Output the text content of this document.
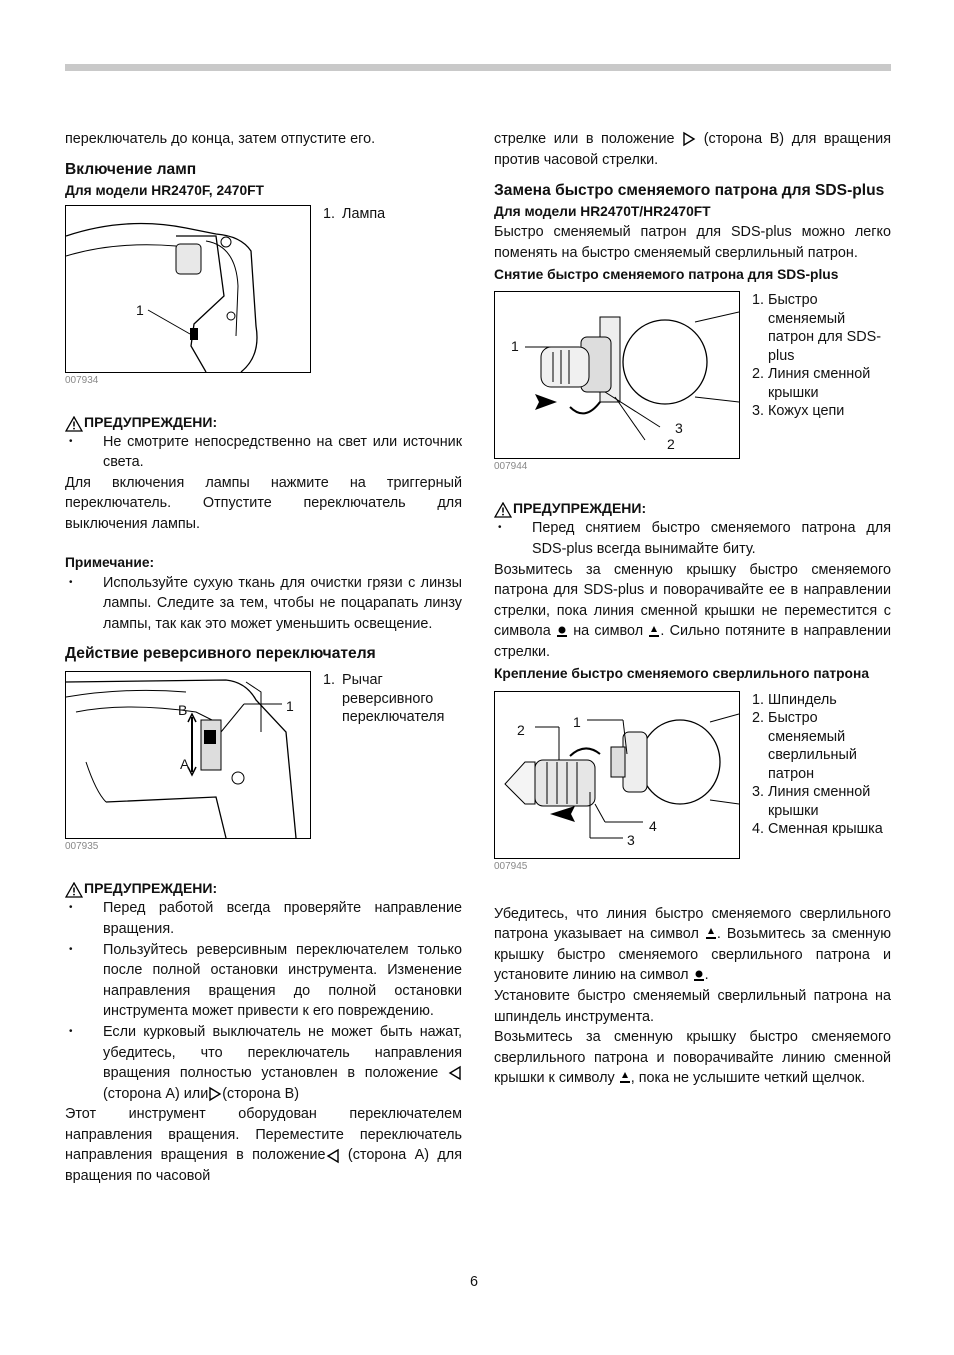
переключатель до конца, затем отпустите его.

Включение ламп
Для модели HR2470F, 2470FT
1
1. Лампа
007934
ПРЕДУПРЕЖДЕНИ:
• Не смотрите непосредственно на свет или источник света.

Для включения лампы нажмите на триггерный переключатель. Отпустите переключатель для выключения лампы.

Примечание:
• Используйте сухую ткань для очистки грязи с линзы лампы. Следите за тем, чтобы не поцарапать линзу лампы, так как это может уменьшить освещение.
Действие реверсивного переключателя
B
A
1
1. Рычаг реверсивного переключателя
007935
ПРЕДУПРЕЖДЕНИ:
• Перед работой всегда проверяйте направление вращения.
• Пользуйтесь реверсивным переключателем только после полной остановки инструмента. Изменение направления вращения до полной остановки инструмента может привести к его повреждению.
• Если курковый выключатель не может быть нажат, убедитесь, что переключатель направления вращения полностью установлен в положение  (сторона A) или (сторона B)

Этот инструмент оборудован переключателем направления вращения. Переместите переключатель направления вращения в положение (сторона A) для вращения по часовой

стрелке или в положение  (сторона B) для вращения против часовой стрелки.

Замена быстро сменяемого патрона для SDS-plus
Для модели HR2470T/HR2470FT

Быстро сменяемый патрон для SDS-plus можно легко поменять на быстро сменяемый сверлильный патрон.

Снятие быстро сменяемого патрона для SDS-plus
1
3
2
1. Быстро сменяемый патрон для SDS-plus
2. Линия сменной крышки
3. Кожух цепи
007944
ПРЕДУПРЕЖДЕНИ:
• Перед снятием быстро сменяемого патрона для SDS-plus всегда вынимайте биту.

Возьмитесь за сменную крышку быстро сменяемого патрона для SDS-plus и поворачивайте ее в направлении стрелки, пока линия сменной крышки не переместится с символа  на символ . Сильно потяните в направлении стрелки.

Крепление быстро сменяемого сверлильного патрона
2	1
4
3
1. Шпиндель
2. Быстро сменяемый сверлильный патрон
3. Линия сменной крышки
4. Сменная крышка
007945

Убедитесь, что линия быстро сменяемого сверлильного патрона указывает на символ . Возьмитесь за сменную крышку быстро сменяемого сверлильного патрона и установите линию на символ .

Установите быстро сменяемый сверлильный патрона на шпиндель инструмента.

Возьмитесь за сменную крышку быстро сменяемого сверлильного патрона и поворачивайте линию сменной крышки к символу , пока не услышите четкий щелчок.

6
